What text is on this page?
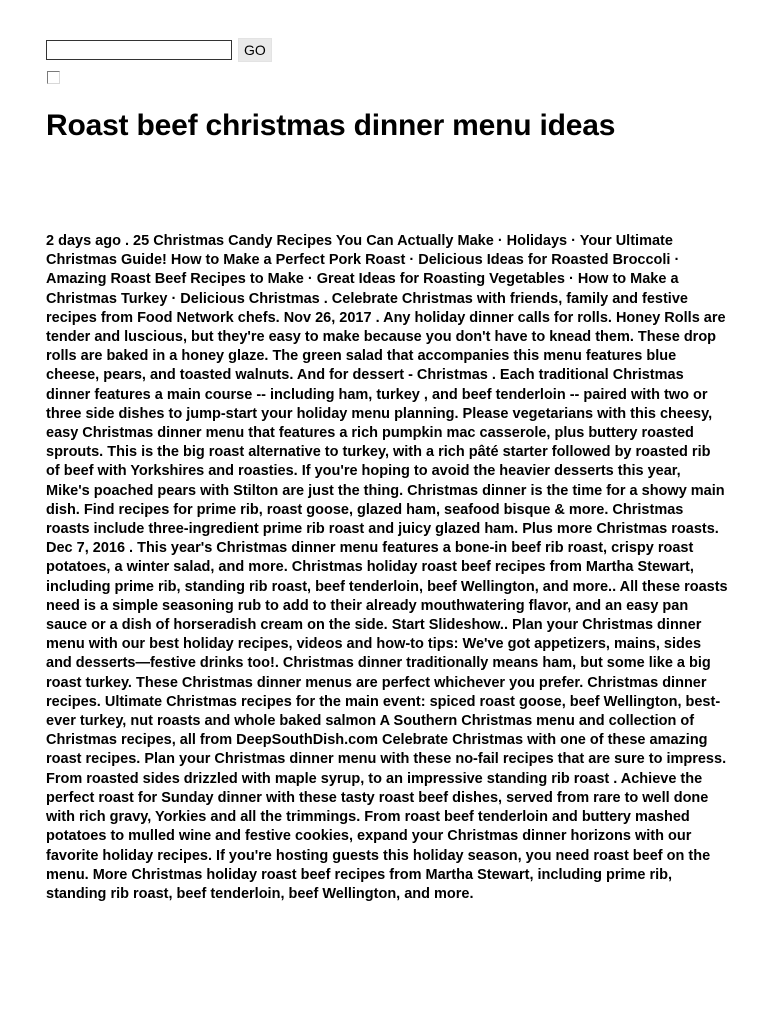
GO
Roast beef christmas dinner menu ideas

2 days ago . 25 Christmas Candy Recipes You Can Actually Make · Holidays · Your Ultimate Christmas Guide! How to Make a Perfect Pork Roast · Delicious Ideas for Roasted Broccoli · Amazing Roast Beef Recipes to Make · Great Ideas for Roasting Vegetables · How to Make a Christmas Turkey · Delicious Christmas . Celebrate Christmas with friends, family and festive recipes from Food Network chefs. Nov 26, 2017 . Any holiday dinner calls for rolls. Honey Rolls are tender and luscious, but they're easy to make because you don't have to knead them. These drop rolls are baked in a honey glaze. The green salad that accompanies this menu features blue cheese, pears, and toasted walnuts. And for dessert - Christmas . Each traditional Christmas dinner features a main course -- including ham, turkey , and beef tenderloin -- paired with two or three side dishes to jump-start your holiday menu planning. Please vegetarians with this cheesy, easy Christmas dinner menu that features a rich pumpkin mac casserole, plus buttery roasted sprouts. This is the big roast alternative to turkey, with a rich pâté starter followed by roasted rib of beef with Yorkshires and roasties. If you're hoping to avoid the heavier desserts this year, Mike's poached pears with Stilton are just the thing. Christmas dinner is the time for a showy main dish. Find recipes for prime rib, roast goose, glazed ham, seafood bisque & more. Christmas roasts include three-ingredient prime rib roast and juicy glazed ham. Plus more Christmas roasts. Dec 7, 2016 . This year's Christmas dinner menu features a bone-in beef rib roast, crispy roast potatoes, a winter salad, and more. Christmas holiday roast beef recipes from Martha Stewart, including prime rib, standing rib roast, beef tenderloin, beef Wellington, and more.. All these roasts need is a simple seasoning rub to add to their already mouthwatering flavor, and an easy pan sauce or a dish of horseradish cream on the side. Start Slideshow.. Plan your Christmas dinner menu with our best holiday recipes, videos and how-to tips: We've got appetizers, mains, sides and desserts—festive drinks too!. Christmas dinner traditionally means ham, but some like a big roast turkey. These Christmas dinner menus are perfect whichever you prefer. Christmas dinner recipes. Ultimate Christmas recipes for the main event: spiced roast goose, beef Wellington, best-ever turkey, nut roasts and whole baked salmon A Southern Christmas menu and collection of Christmas recipes, all from DeepSouthDish.com Celebrate Christmas with one of these amazing roast recipes. Plan your Christmas dinner menu with these no-fail recipes that are sure to impress. From roasted sides drizzled with maple syrup, to an impressive standing rib roast . Achieve the perfect roast for Sunday dinner with these tasty roast beef dishes, served from rare to well done with rich gravy, Yorkies and all the trimmings. From roast beef tenderloin and buttery mashed potatoes to mulled wine and festive cookies, expand your Christmas dinner horizons with our favorite holiday recipes. If you're hosting guests this holiday season, you need roast beef on the menu. More Christmas holiday roast beef recipes from Martha Stewart, including prime rib, standing rib roast, beef tenderloin, beef Wellington, and more.
